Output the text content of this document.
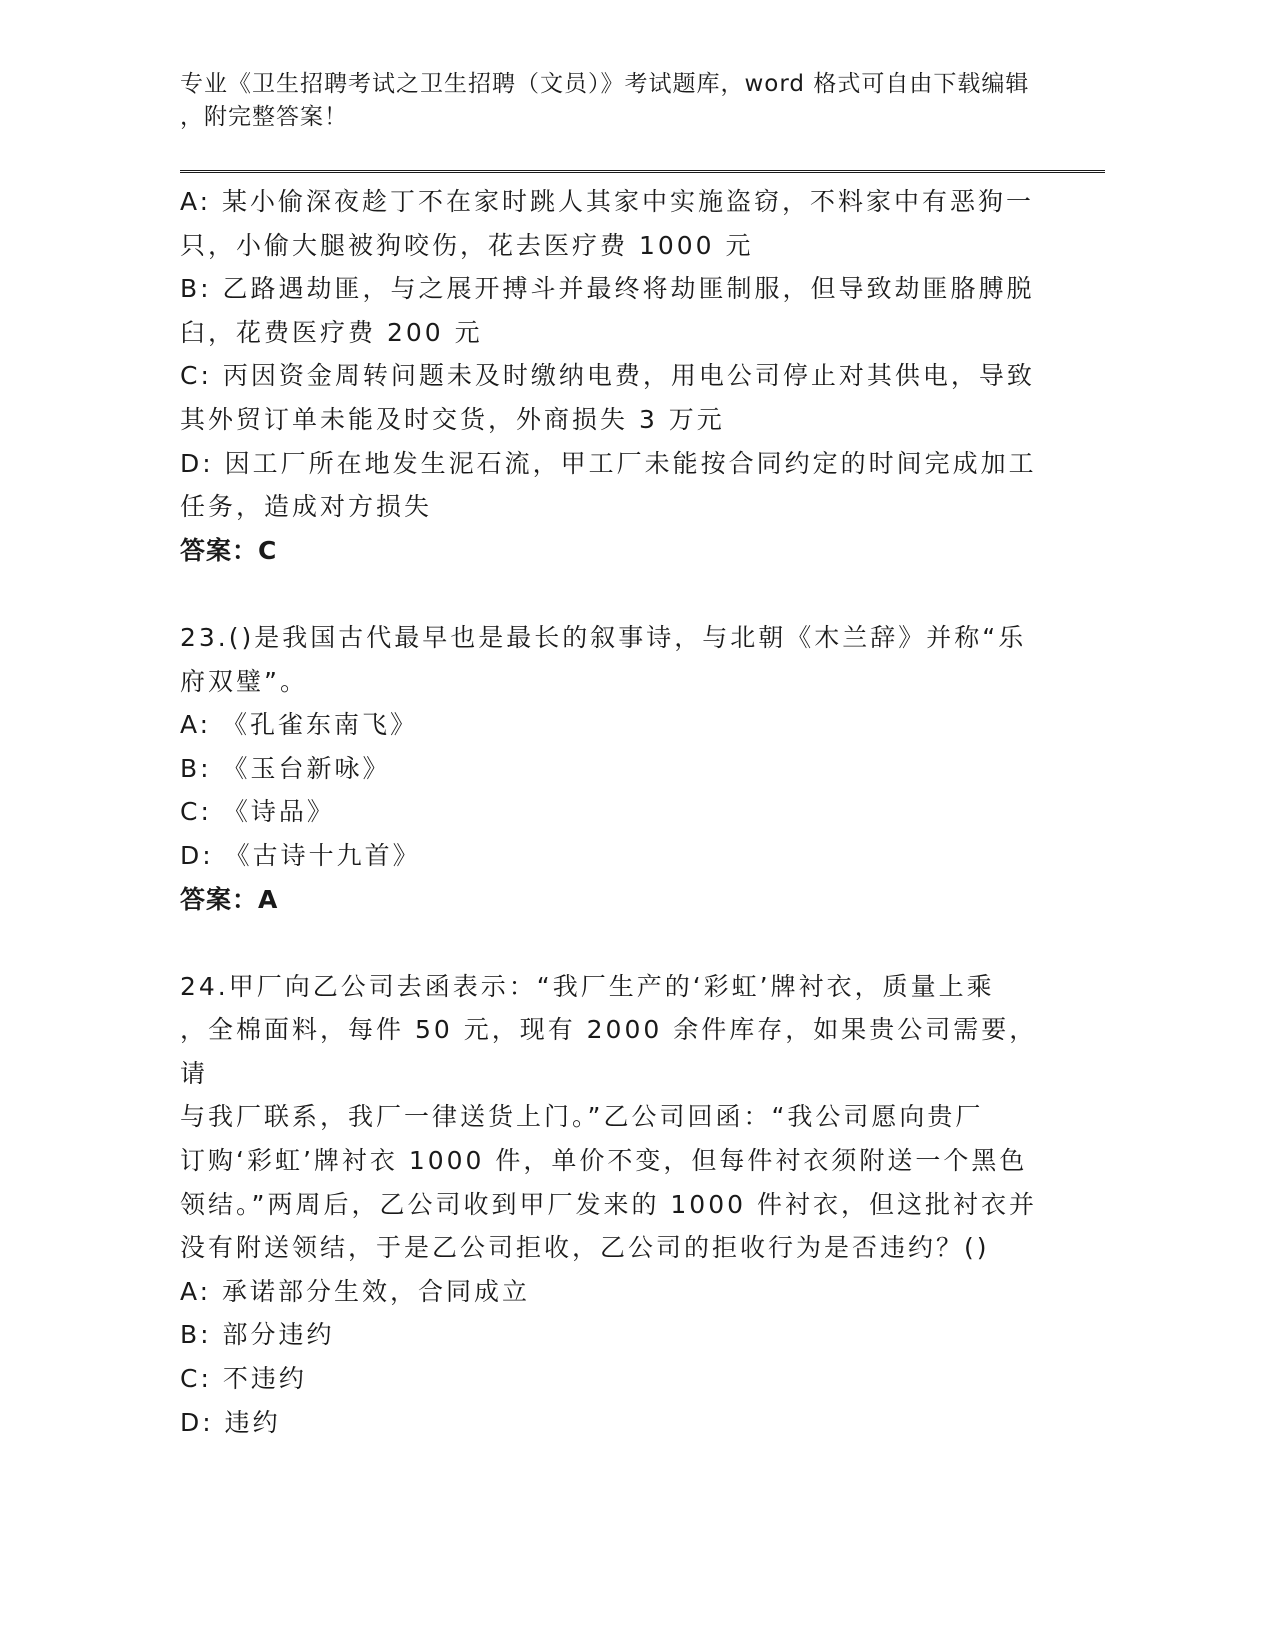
专业《卫生招聘考试之卫生招聘（文员）》考试题库，word 格式可自由下载编辑
，附完整答案！
A: 某小偷深夜趁丁不在家时跳人其家中实施盗窃，不料家中有恶狗一
只，小偷大腿被狗咬伤，花去医疗费 1000 元
B: 乙路遇劫匪，与之展开搏斗并最终将劫匪制服，但导致劫匪胳膊脱
臼，花费医疗费 200 元
C: 丙因资金周转问题未及时缴纳电费，用电公司停止对其供电，导致
其外贸订单未能及时交货，外商损失 3 万元
D: 因工厂所在地发生泥石流，甲工厂未能按合同约定的时间完成加工
任务，造成对方损失
答案：C
23.()是我国古代最早也是最长的叙事诗，与北朝《木兰辞》并称“乐
府双璧”。
A: 《孔雀东南飞》
B: 《玉台新咏》
C: 《诗品》
D: 《古诗十九首》
答案：A
24.甲厂向乙公司去函表示：“我厂生产的‘彩虹’牌衬衣，质量上乘
，全棉面料，每件 50 元，现有 2000 余件库存，如果贵公司需要，请
与我厂联系，我厂一律送货上门。”乙公司回函：“我公司愿向贵厂
订购‘彩虹’牌衬衣 1000 件，单价不变，但每件衬衣须附送一个黑色
领结。”两周后，乙公司收到甲厂发来的 1000 件衬衣，但这批衬衣并
没有附送领结，于是乙公司拒收，乙公司的拒收行为是否违约？()
A: 承诺部分生效，合同成立
B: 部分违约
C: 不违约
D: 违约
